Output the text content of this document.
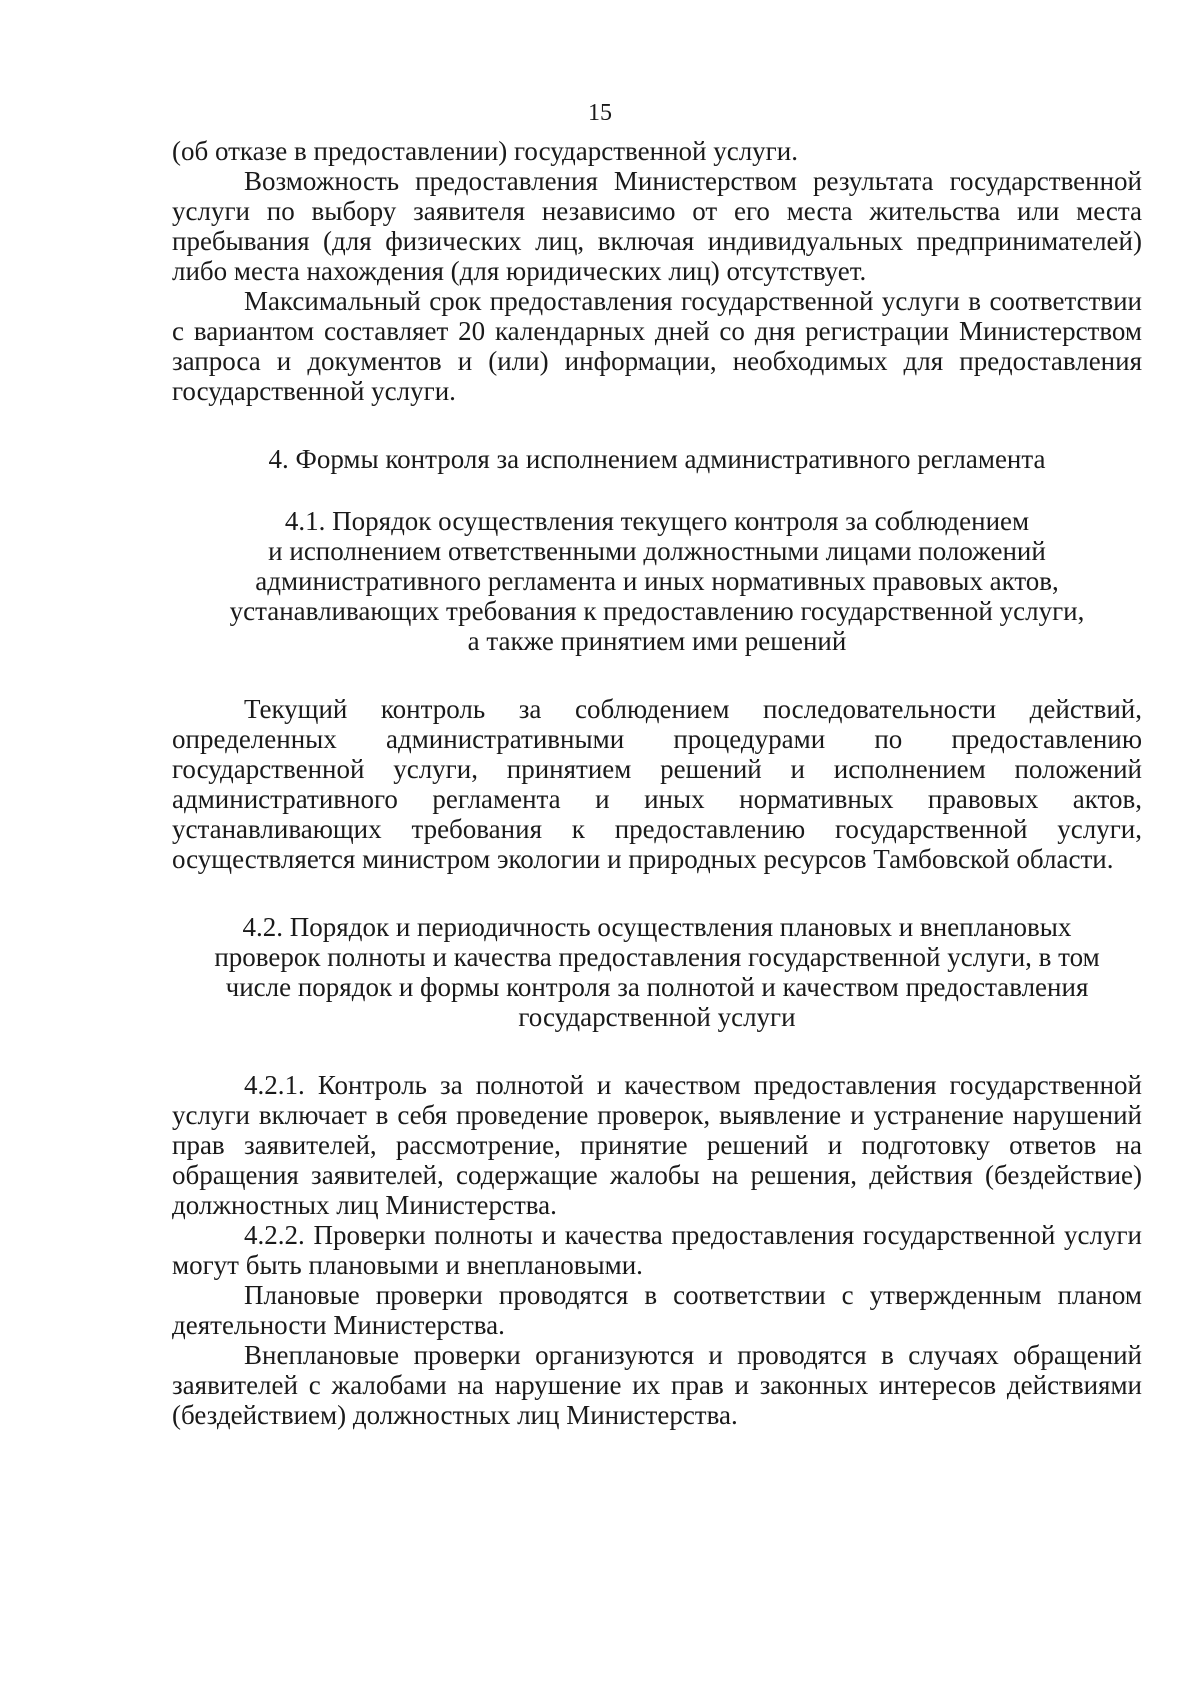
15

(об отказе в предоставлении) государственной услуги.

Возможность предоставления Министерством результата государственной услуги по выбору заявителя независимо от его места жительства или места пребывания (для физических лиц, включая индивидуальных предпринимателей) либо места нахождения (для юридических лиц) отсутствует.

Максимальный срок предоставления государственной услуги в соответствии с вариантом составляет 20 календарных дней со дня регистрации Министерством запроса и документов и (или) информации, необходимых для предоставления государственной услуги.

4. Формы контроля за исполнением административного регламента
4.1. Порядок осуществления текущего контроля за соблюдением
и исполнением ответственными должностными лицами положений
административного регламента и иных нормативных правовых актов,
устанавливающих требования к предоставлению государственной услуги,
а также принятием ими решений

Текущий контроль за соблюдением последовательности действий, определенных административными процедурами по предоставлению государственной услуги, принятием решений и исполнением положений административного регламента и иных нормативных правовых актов, устанавливающих требования к предоставлению государственной услуги, осуществляется министром экологии и природных ресурсов Тамбовской области.

4.2. Порядок и периодичность осуществления плановых и внеплановых
проверок полноты и качества предоставления государственной услуги, в том
числе порядок и формы контроля за полнотой и качеством предоставления
государственной услуги

4.2.1. Контроль за полнотой и качеством предоставления государственной услуги включает в себя проведение проверок, выявление и устранение нарушений прав заявителей, рассмотрение, принятие решений и подготовку ответов на обращения заявителей, содержащие жалобы на решения, действия (бездействие) должностных лиц Министерства.

4.2.2. Проверки полноты и качества предоставления государственной услуги могут быть плановыми и внеплановыми.

Плановые проверки проводятся в соответствии с утвержденным планом деятельности Министерства.

Внеплановые проверки организуются и проводятся в случаях обращений заявителей с жалобами на нарушение их прав и законных интересов действиями (бездействием) должностных лиц Министерства.
